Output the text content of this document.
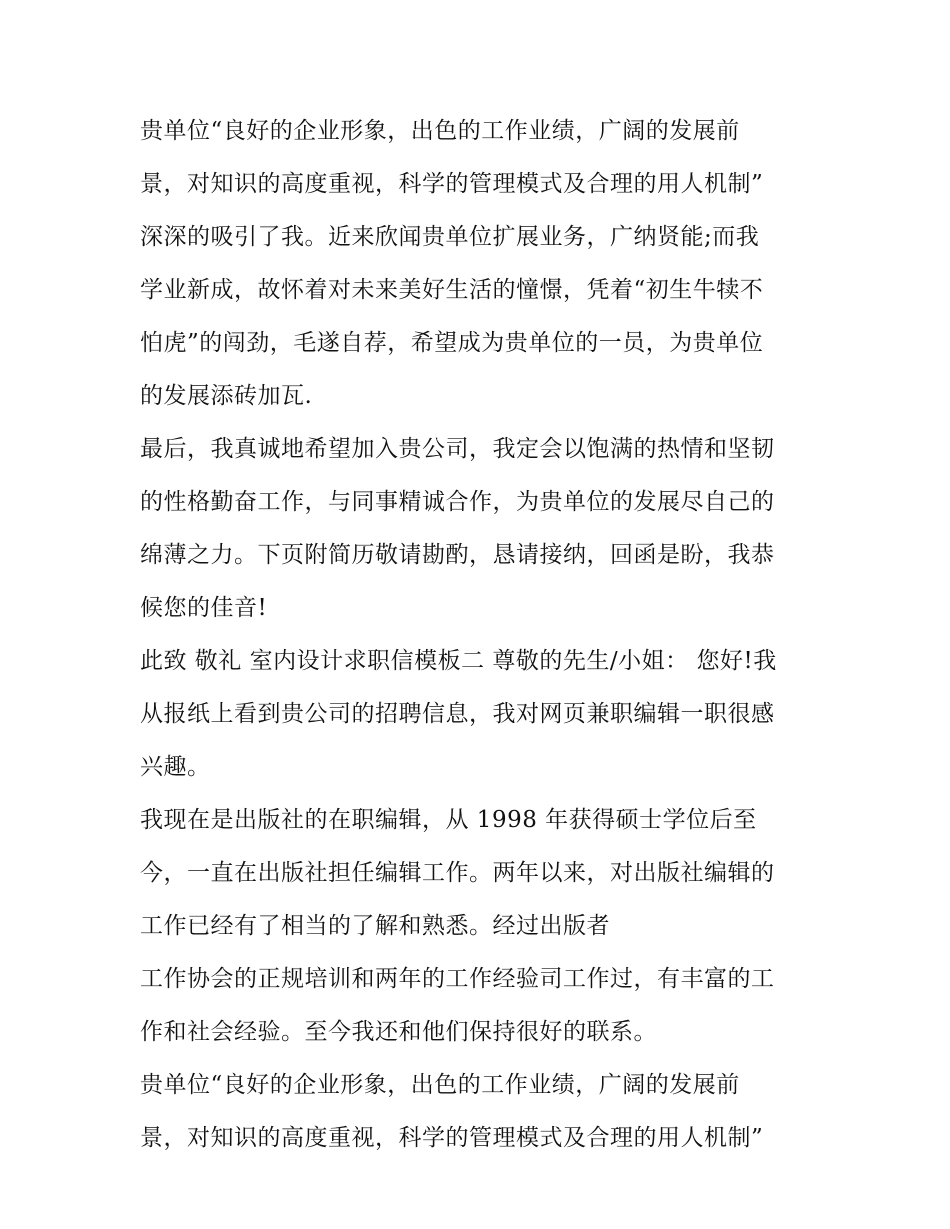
贵单位“良好的企业形象，出色的工作业绩，广阔的发展前
景，对知识的高度重视，科学的管理模式及合理的用人机制”
深深的吸引了我。近来欣闻贵单位扩展业务，广纳贤能;而我
学业新成，故怀着对未来美好生活的憧憬，凭着“初生牛犊不
怕虎”的闯劲，毛遂自荐，希望成为贵单位的一员，为贵单位
的发展添砖加瓦.
最后，我真诚地希望加入贵公司，我定会以饱满的热情和坚韧
的性格勤奋工作，与同事精诚合作，为贵单位的发展尽自己的
绵薄之力。下页附简历敬请勘酌，恳请接纳，回函是盼，我恭
候您的佳音!
此致 敬礼 室内设计求职信模板二 尊敬的先生/小姐： 您好!我
从报纸上看到贵公司的招聘信息，我对网页兼职编辑一职很感
兴趣。
我现在是出版社的在职编辑，从 1998 年获得硕士学位后至
今，一直在出版社担任编辑工作。两年以来，对出版社编辑的
工作已经有了相当的了解和熟悉。经过出版者
工作协会的正规培训和两年的工作经验司工作过，有丰富的工
作和社会经验。至今我还和他们保持很好的联系。
贵单位“良好的企业形象，出色的工作业绩，广阔的发展前
景，对知识的高度重视，科学的管理模式及合理的用人机制”
